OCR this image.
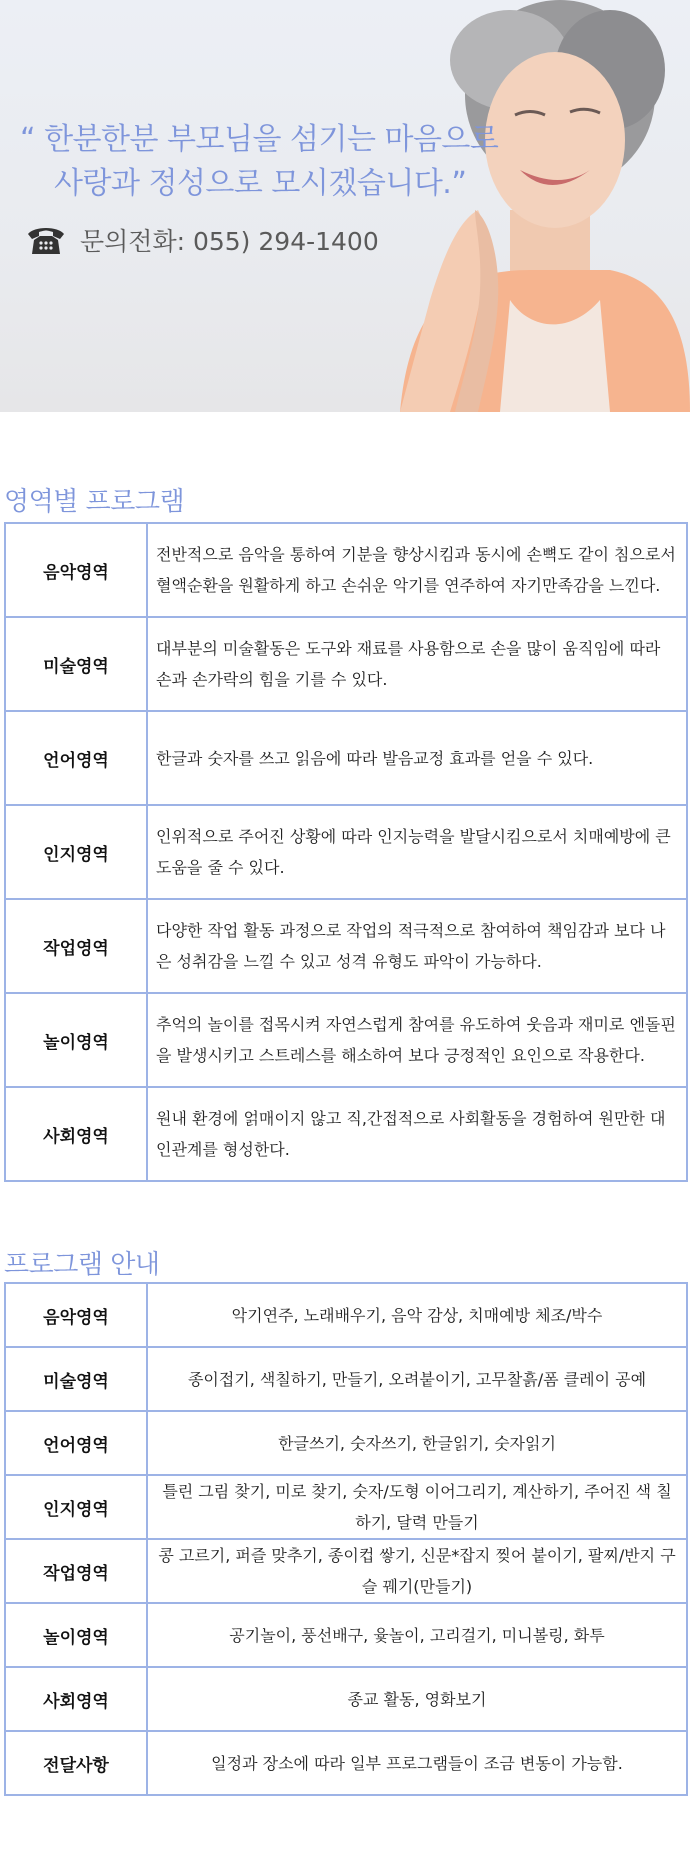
“ 한분한분 부모님을 섬기는 마음으로
사랑과 정성으로 모시겠습니다.”
문의전화: 055) 294-1400
영역별 프로그램
음악영역	전반적으로 음악을 통하여 기분을 향상시킴과 동시에 손뼉도 같이 침으로서 혈액순환을 원활하게 하고 손쉬운 악기를 연주하여 자기만족감을 느낀다.
미술영역	대부분의 미술활동은 도구와 재료를 사용함으로 손을 많이 움직임에 따라 손과 손가락의 힘을 기를 수 있다.
언어영역	한글과 숫자를 쓰고 읽음에 따라 발음교정 효과를 얻을 수 있다.
인지영역	인위적으로 주어진 상황에 따라 인지능력을 발달시킴으로서 치매예방에 큰 도움을 줄 수 있다.
작업영역	다양한 작업 활동 과정으로 작업의 적극적으로 참여하여 책임감과 보다 나은 성취감을 느낄 수 있고 성격 유형도 파악이 가능하다.
놀이영역	추억의 놀이를 접목시켜 자연스럽게 참여를 유도하여 웃음과 재미로 엔돌핀을 발생시키고 스트레스를 해소하여 보다 긍정적인 요인으로 작용한다.
사회영역	원내 환경에 얽매이지 않고 직,간접적으로 사회활동을 경험하여 원만한 대인관계를 형성한다.
프로그램 안내
음악영역	악기연주, 노래배우기, 음악 감상, 치매예방 체조/박수
미술영역	종이접기, 색칠하기, 만들기, 오려붙이기, 고무찰흙/폼 클레이 공예
언어영역	한글쓰기, 숫자쓰기, 한글읽기, 숫자읽기
인지영역	틀린 그림 찾기, 미로 찾기, 숫자/도형 이어그리기, 계산하기, 주어진 색 칠하기, 달력 만들기
작업영역	콩 고르기, 퍼즐 맞추기, 종이컵 쌓기, 신문*잡지 찢어 붙이기, 팔찌/반지 구슬 꿰기(만들기)
놀이영역	공기놀이, 풍선배구, 윷놀이, 고리걸기, 미니볼링, 화투
사회영역	종교 활동, 영화보기
전달사항	일정과 장소에 따라 일부 프로그램들이 조금 변동이 가능함.
